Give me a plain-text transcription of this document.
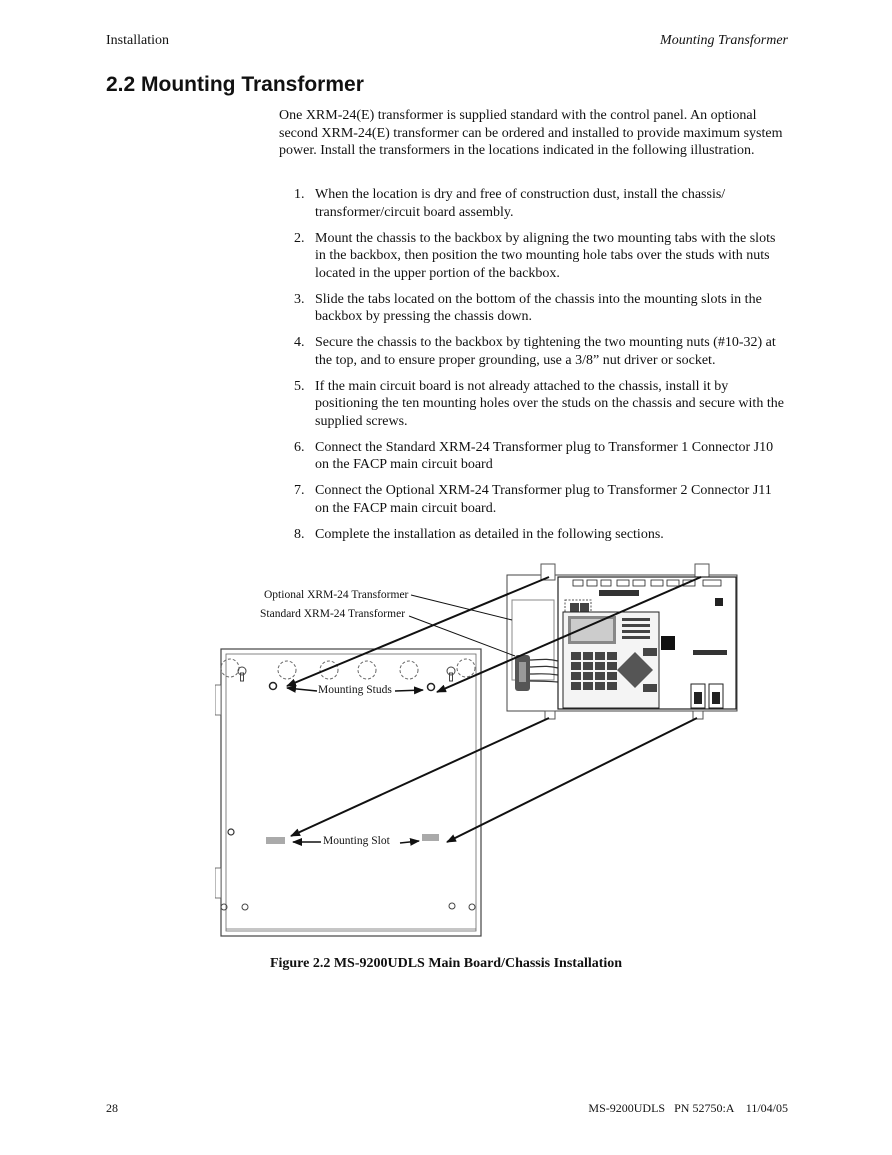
Installation	Mounting Transformer
2.2 Mounting Transformer

One XRM-24(E) transformer is supplied standard with the control panel. An optional second XRM-24(E) transformer can be ordered and installed to provide maximum system power. Install the transformers in the locations indicated in the following illustration.

1. When the location is dry and free of construction dust, install the chassis/ transformer/circuit board assembly.
2. Mount the chassis to the backbox by aligning the two mounting tabs with the slots in the backbox, then position the two mounting hole tabs over the studs with nuts located in the upper portion of the backbox.
3. Slide the tabs located on the bottom of the chassis into the mounting slots in the backbox by pressing the chassis down.
4. Secure the chassis to the backbox by tightening the two mounting nuts (#10-32) at the top, and to ensure proper grounding, use a 3/8” nut driver or socket.
5. If the main circuit board is not already attached to the chassis, install it by positioning the ten mounting holes over the studs on the chassis and secure with the supplied screws.
6. Connect the Standard XRM-24 Transformer plug to Transformer 1 Connector J10 on the FACP main circuit board
7. Connect the Optional XRM-24 Transformer plug to Transformer 2 Connector J11 on the FACP main circuit board.
8. Complete the installation as detailed in the following sections.
Optional XRM-24 Transformer
Standard XRM-24 Transformer
Mounting Studs
Mounting Slot
Figure 2.2 MS-9200UDLS Main Board/Chassis Installation
28	MS-9200UDLS   PN 52750:A    11/04/05
